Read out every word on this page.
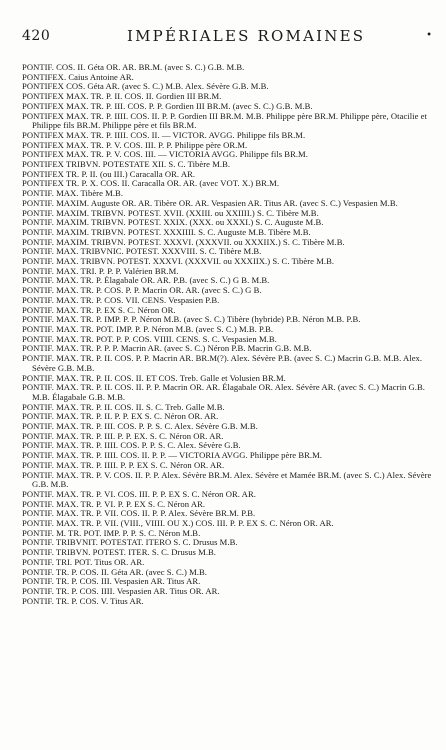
420	IMPÉRIALES ROMAINES	•
PONTIF. COS. II. Géta OR. AR. BR.M. (avec S. C.) G.B. M.B.
PONTIFEX. Caius Antoine AR.
PONTIFEX COS. Géta AR. (avec S. C.) M.B. Alex. Sévère G.B. M.B.
PONTIFEX MAX. TR. P. II. COS. II. Gordien III BR.M.
PONTIFEX MAX. TR. P. III. COS. P. P. Gordien III BR.M. (avec S. C.) G.B. M.B.
PONTIFEX MAX. TR. P. IIII. COS. II. P. P. Gordien III BR.M. M.B. Philippe père BR.M. Philippe père, Otacilie et Philippe fils BR.M. Philippe père et fils BR.M.
PONTIFEX MAX. TR. P. IIII. COS. II. — VICTOR. AVGG. Philippe fils BR.M.
PONTIFEX MAX. TR. P. V. COS. III. P. P. Philippe père OR.M.
PONTIFEX MAX. TR. P. V. COS. III. — VICTORIA AVGG. Philippe fils BR.M.
PONTIFEX TRIBVN. POTESTATE XII. S. C. Tibère M.B.
PONTIFEX TR. P. II. (ou III.) Caracalla OR. AR.
PONTIFEX TR. P. X. COS. II. Caracalla OR. AR. (avec VOT. X.) BR.M.
PONTIF. MAX. Tibère M.B.
PONTIF. MAXIM. Auguste OR. AR. Tibère OR. AR. Vespasien AR. Titus AR. (avec S. C.) Vespasien M.B.
PONTIF. MAXIM. TRIBVN. POTEST. XVII. (XXIII. ou XXIIII.) S. C. Tibère M.B.
PONTIF. MAXIM. TRIBVN. POTEST. XXIX. (XXX. ou XXXI.) S. C. Auguste M.B.
PONTIF. MAXIM. TRIBVN. POTEST. XXXIIII. S. C. Auguste M.B. Tibère M.B.
PONTIF. MAXIM. TRIBVN. POTEST. XXXVI. (XXXVII. ou XXXIIX.) S. C. Tibère M.B.
PONTIF. MAX. TRIBVNIC. POTEST. XXXVIII. S. C. Tibère M.B.
PONTIF. MAX. TRIBVN. POTEST. XXXVI. (XXXVII. ou XXXIIX.) S. C. Tibère M.B.
PONTIF. MAX. TRI. P. P. P. Valérien BR.M.
PONTIF. MAX. TR. P. Élagabale OR. AR. P.B. (avec S. C.) G B. M.B.
PONTIF. MAX. TR. P. COS. P. P. Macrin OR. AR. (avec S. C.) G B.
PONTIF. MAX. TR. P. COS. VII. CENS. Vespasien P.B.
PONTIF. MAX. TR. P. EX S. C. Néron OR.
PONTIF. MAX. TR. P. IMP. P. P. Néron M.B. (avec S. C.) Tibère (hybride) P.B. Néron M.B. P.B.
PONTIF. MAX. TR. POT. IMP. P. P. Néron M.B. (avec S. C.) M.B. P.B.
PONTIF. MAX. TR. POT. P. P. COS. VIIII. CENS. S. C. Vespasien M.B.
PONTIF. MAX. TR. P. P. P. Macrin AR. (avec S. C.) Néron P.B. Macrin G.B. M.B.
PONTIF. MAX. TR. P. II. COS. P. P. Macrin AR. BR.M(?). Alex. Sévère P.B. (avec S. C.) Macrin G.B. M.B. Alex. Sévère G.B. M.B.
PONTIF. MAX. TR. P. II. COS. II. ET COS. Treb. Galle et Volusien BR.M.
PONTIF. MAX. TR. P. II. COS. II. P. P. Macrin OR. AR. Élagabale OR. Alex. Sévère AR. (avec S. C.) Macrin G.B. M.B. Élagabale G.B. M.B.
PONTIF. MAX. TR. P. II. COS. II. S. C. Treb. Galle M.B.
PONTIF. MAX. TR. P. II. P. P. EX S. C. Néron OR. AR.
PONTIF. MAX. TR. P. III. COS. P. P. S. C. Alex. Sévère G.B. M.B.
PONTIF. MAX. TR. P. III. P. P. EX. S. C. Néron OR. AR.
PONTIF. MAX. TR. P. IIII. COS. P. P. S. C. Alex. Sévère G.B.
PONTIF. MAX. TR. P. IIII. COS. II. P. P. — VICTORIA AVGG. Philippe père BR.M.
PONTIF. MAX. TR. P. IIII. P. P. EX S. C. Néron OR. AR.
PONTIF. MAX. TR. P. V. COS. II. P. P. Alex. Sévère BR.M. Alex. Sévère et Mamée BR.M. (avec S. C.) Alex. Sévère G.B. M.B.
PONTIF. MAX. TR. P. VI. COS. III. P. P. EX S. C. Néron OR. AR.
PONTIF. MAX. TR. P. VI. P. P. EX S. C. Néron AR.
PONTIF. MAX. TR. P. VII. COS. II. P. P. Alex. Sévère BR.M. P.B.
PONTIF. MAX. TR. P. VII. (VIII., VIIII. OU X.) COS. III. P. P. EX S. C. Néron OR. AR.
PONTIF. M. TR. POT. IMP. P. P. S. C. Néron M.B.
PONTIF. TRIBVNIT. POTESTAT. ITERO S. C. Drusus M.B.
PONTIF. TRIBVN. POTEST. ITER. S. C. Drusus M.B.
PONTIF. TRI. POT. Titus OR. AR.
PONTIF. TR. P. COS. II. Géta AR. (avec S. C.) M.B.
PONTIF. TR. P. COS. III. Vespasien AR. Titus AR.
PONTIF. TR. P. COS. IIII. Vespasien AR. Titus OR. AR.
PONTIF. TR. P. COS. V. Titus AR.
